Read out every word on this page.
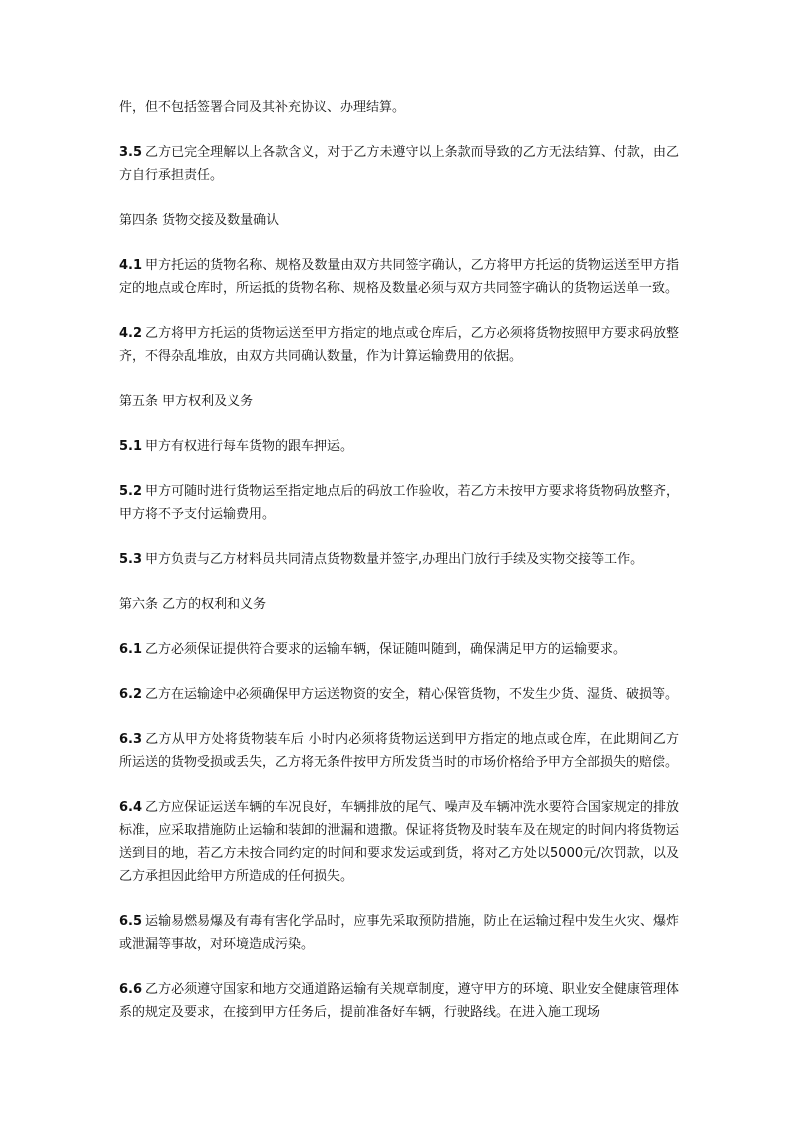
件，但不包括签署合同及其补充协议、办理结算。

3.5 乙方已完全理解以上各款含义，对于乙方未遵守以上条款而导致的乙方无法结算、付款，由乙方自行承担责任。

第四条 货物交接及数量确认

4.1 甲方托运的货物名称、规格及数量由双方共同签字确认，乙方将甲方托运的货物运送至甲方指定的地点或仓库时，所运抵的货物名称、规格及数量必须与双方共同签字确认的货物运送单一致。

4.2 乙方将甲方托运的货物运送至甲方指定的地点或仓库后，乙方必须将货物按照甲方要求码放整齐，不得杂乱堆放，由双方共同确认数量，作为计算运输费用的依据。

第五条 甲方权利及义务

5.1 甲方有权进行每车货物的跟车押运。

5.2 甲方可随时进行货物运至指定地点后的码放工作验收，若乙方未按甲方要求将货物码放整齐，甲方将不予支付运输费用。

5.3 甲方负责与乙方材料员共同清点货物数量并签字,办理出门放行手续及实物交接等工作。

第六条 乙方的权利和义务

6.1 乙方必须保证提供符合要求的运输车辆，保证随叫随到，确保满足甲方的运输要求。

6.2 乙方在运输途中必须确保甲方运送物资的安全，精心保管货物，不发生少货、湿货、破损等。

6.3 乙方从甲方处将货物装车后 小时内必须将货物运送到甲方指定的地点或仓库，在此期间乙方所运送的货物受损或丢失，乙方将无条件按甲方所发货当时的市场价格给予甲方全部损失的赔偿。

6.4 乙方应保证运送车辆的车况良好，车辆排放的尾气、噪声及车辆冲洗水要符合国家规定的排放标准，应采取措施防止运输和装卸的泄漏和遗撒。保证将货物及时装车及在规定的时间内将货物运送到目的地，若乙方未按合同约定的时间和要求发运或到货，将对乙方处以5000元/次罚款，以及乙方承担因此给甲方所造成的任何损失。

6.5 运输易燃易爆及有毒有害化学品时，应事先采取预防措施，防止在运输过程中发生火灾、爆炸或泄漏等事故，对环境造成污染。

6.6 乙方必须遵守国家和地方交通道路运输有关规章制度，遵守甲方的环境、职业安全健康管理体系的规定及要求，在接到甲方任务后，提前准备好车辆，行驶路线。在进入施工现场
